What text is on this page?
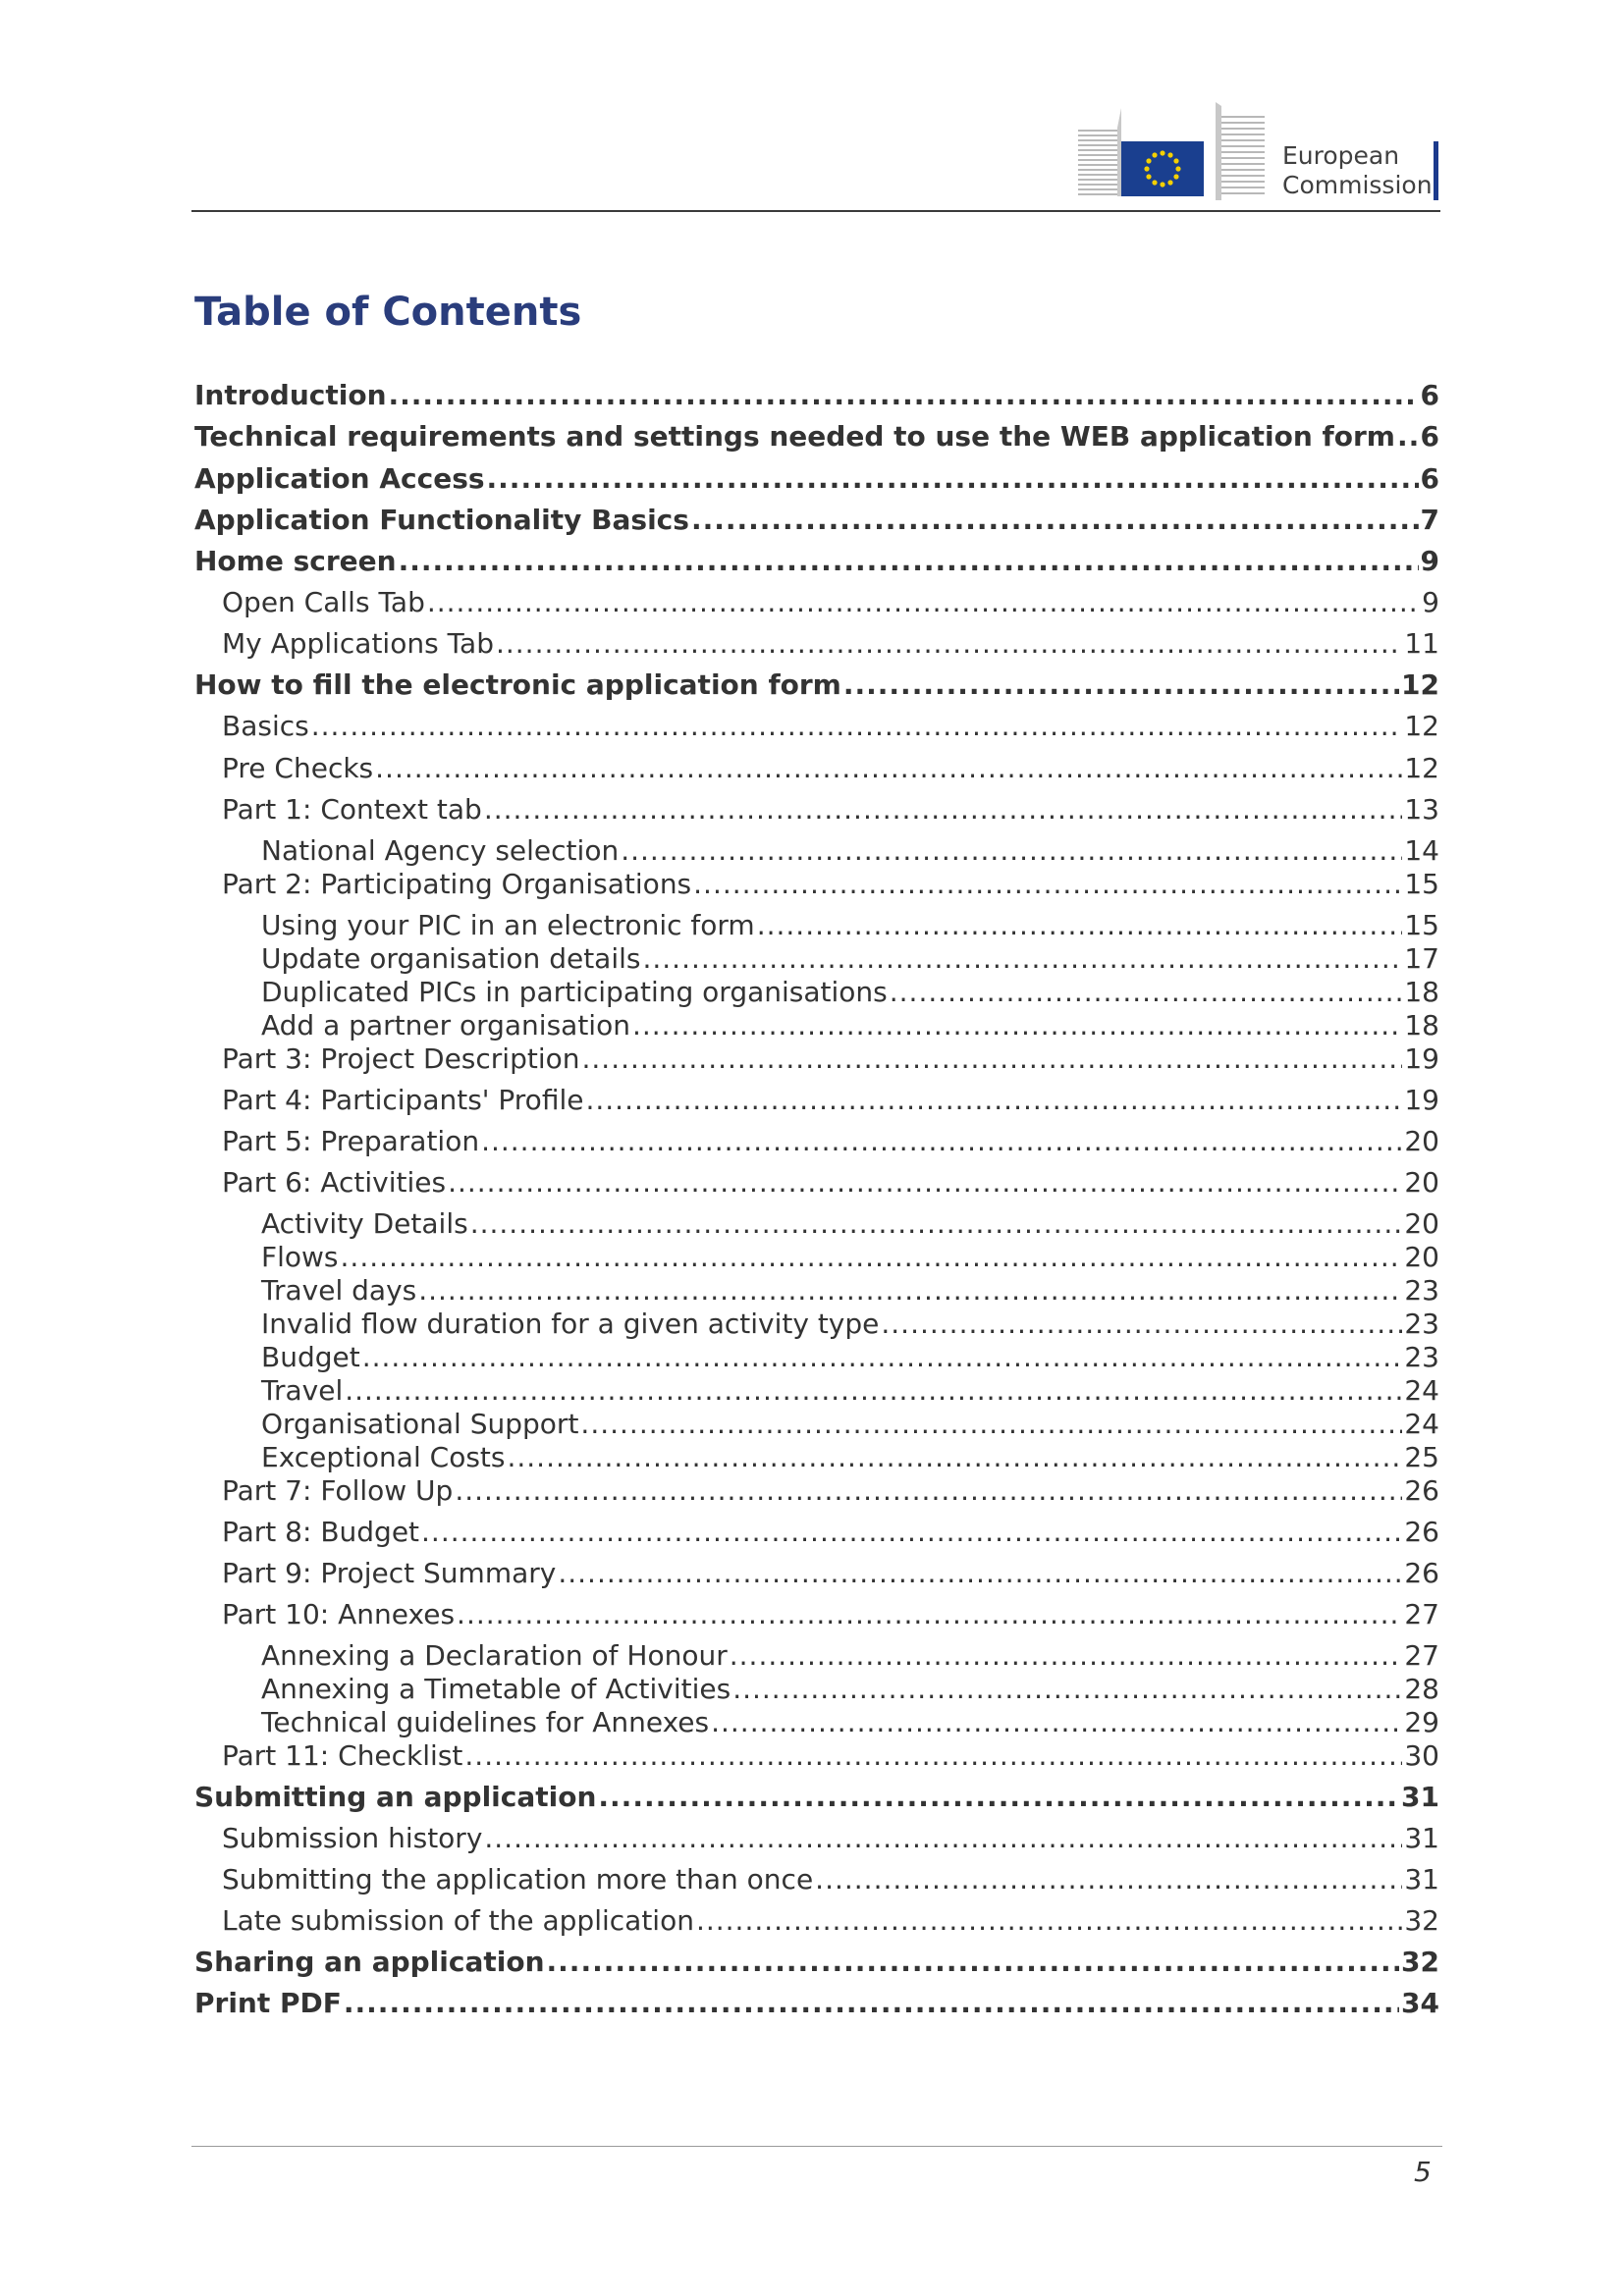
European
Commission
Table of Contents
Introduction .....	6
Technical requirements and settings needed to use the WEB application form ..... 6
Application Access .....	6
Application Functionality Basics .....	7
Home screen .....	9
Open Calls Tab .....	9
My Applications Tab .....	11
How to fill the electronic application form .....	12
Basics .....	12
Pre Checks .....	12
Part 1: Context tab .....	13
National Agency selection .....	14
Part 2: Participating Organisations .....	15
Using your PIC in an electronic form .....	15
Update organisation details .....	17
Duplicated PICs in participating organisations .....	18
Add a partner organisation .....	18
Part 3: Project Description .....	19
Part 4: Participants' Profile .....	19
Part 5: Preparation .....	20
Part 6: Activities .....	20
Activity Details .....	20
Flows .....	20
Travel days .....	23
Invalid flow duration for a given activity type .....	23
Budget .....	23
Travel .....	24
Organisational Support .....	24
Exceptional Costs .....	25
Part 7: Follow Up .....	26
Part 8: Budget .....	26
Part 9: Project Summary .....	26
Part 10: Annexes .....	27
Annexing a Declaration of Honour .....	27
Annexing a Timetable of Activities .....	28
Technical guidelines for Annexes .....	29
Part 11: Checklist .....	30
Submitting an application .....	31
Submission history .....	31
Submitting the application more than once .....	31
Late submission of the application .....	32
Sharing an application .....	32
Print PDF .....	34
5
